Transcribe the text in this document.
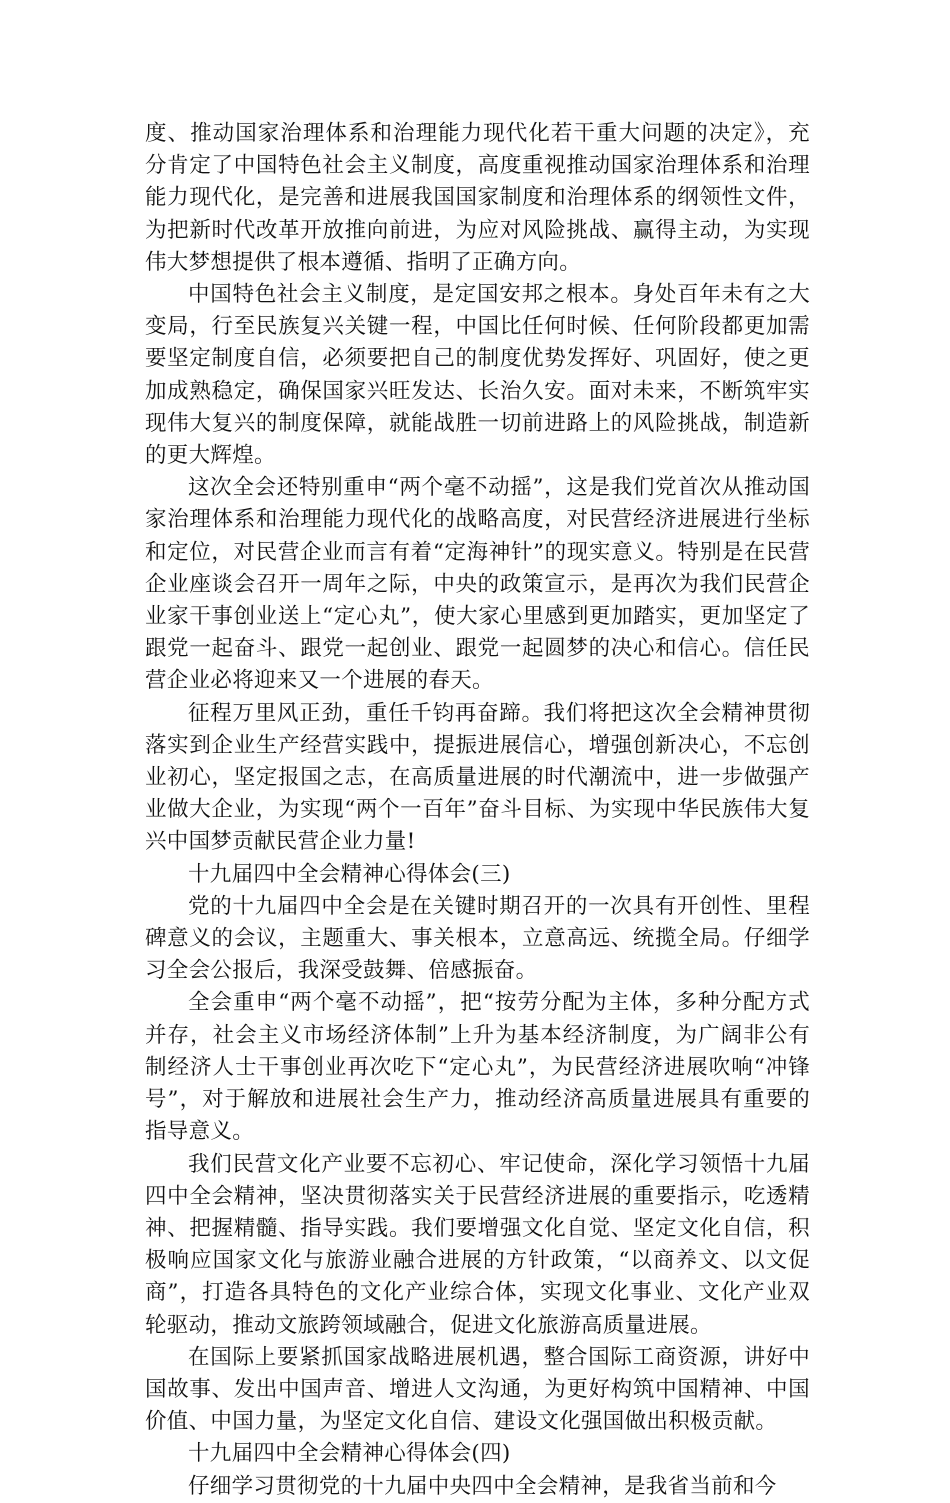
度、推动国家治理体系和治理能力现代化若干重大问题的决定》，充分肯定了中国特色社会主义制度，高度重视推动国家治理体系和治理能力现代化，是完善和进展我国国家制度和治理体系的纲领性文件，为把新时代改革开放推向前进，为应对风险挑战、赢得主动，为实现伟大梦想提供了根本遵循、指明了正确方向。

中国特色社会主义制度，是定国安邦之根本。身处百年未有之大变局，行至民族复兴关键一程，中国比任何时候、任何阶段都更加需要坚定制度自信，必须要把自己的制度优势发挥好、巩固好，使之更加成熟稳定，确保国家兴旺发达、长治久安。面对未来，不断筑牢实现伟大复兴的制度保障，就能战胜一切前进路上的风险挑战，制造新的更大辉煌。

这次全会还特别重申“两个毫不动摇”，这是我们党首次从推动国家治理体系和治理能力现代化的战略高度，对民营经济进展进行坐标和定位，对民营企业而言有着“定海神针”的现实意义。特别是在民营企业座谈会召开一周年之际，中央的政策宣示，是再次为我们民营企业家干事创业送上“定心丸”，使大家心里感到更加踏实，更加坚定了跟党一起奋斗、跟党一起创业、跟党一起圆梦的决心和信心。信任民营企业必将迎来又一个进展的春天。

征程万里风正劲，重任千钧再奋蹄。我们将把这次全会精神贯彻落实到企业生产经营实践中，提振进展信心，增强创新决心，不忘创业初心，坚定报国之志，在高质量进展的时代潮流中，进一步做强产业做大企业，为实现“两个一百年”奋斗目标、为实现中华民族伟大复兴中国梦贡献民营企业力量!

十九届四中全会精神心得体会(三)

党的十九届四中全会是在关键时期召开的一次具有开创性、里程碑意义的会议，主题重大、事关根本，立意高远、统揽全局。仔细学习全会公报后，我深受鼓舞、倍感振奋。

全会重申“两个毫不动摇”，把“按劳分配为主体，多种分配方式并存，社会主义市场经济体制”上升为基本经济制度，为广阔非公有制经济人士干事创业再次吃下“定心丸”，为民营经济进展吹响“冲锋号”，对于解放和进展社会生产力，推动经济高质量进展具有重要的指导意义。

我们民营文化产业要不忘初心、牢记使命，深化学习领悟十九届四中全会精神，坚决贯彻落实关于民营经济进展的重要指示，吃透精神、把握精髓、指导实践。我们要增强文化自觉、坚定文化自信，积极响应国家文化与旅游业融合进展的方针政策，“以商养文、以文促商”，打造各具特色的文化产业综合体，实现文化事业、文化产业双轮驱动，推动文旅跨领域融合，促进文化旅游高质量进展。

在国际上要紧抓国家战略进展机遇，整合国际工商资源，讲好中国故事、发出中国声音、增进人文沟通，为更好构筑中国精神、中国价值、中国力量，为坚定文化自信、建设文化强国做出积极贡献。

十九届四中全会精神心得体会(四)

仔细学习贯彻党的十九届中央四中全会精神，是我省当前和今
